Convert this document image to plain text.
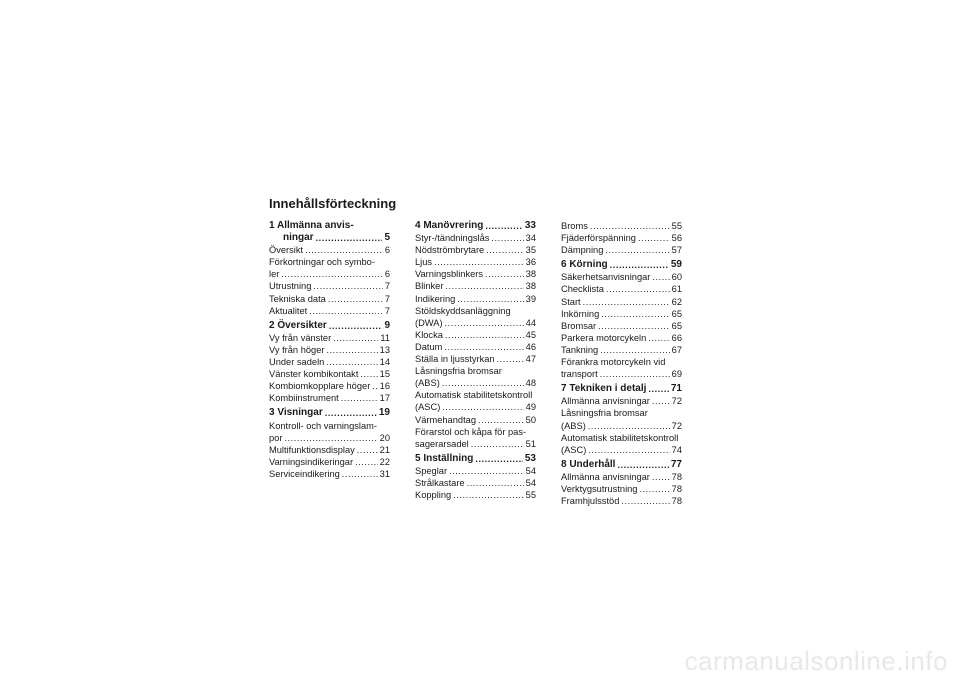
Innehållsförteckning
1 Allmänna anvis-
ningar .....	5
Översikt .....	6
Förkortningar och symbo-
ler .....	6
Utrustning .....	7
Tekniska data .....	7
Aktualitet .....	7
2 Översikter .....	9
Vy från vänster .....	11
Vy från höger .....	13
Under sadeln .....	14
Vänster kombikontakt ..... 15
Kombiomkopplare höger ..... 16
Kombiinstrument .....	17
3 Visningar .....	19
Kontroll- och varningslam-
por .....	20
Multifunktionsdisplay .....	21
Varningsindikeringar .....	22
Serviceindikering .....	31
4 Manövrering .....	33
Styr-/tändningslås .....	34
Nödströmbrytare .....	35
Ljus .....	36
Varningsblinkers .....	38
Blinker .....	38
Indikering .....	39
Stöldskyddsanläggning
(DWA) .....	44
Klocka .....	45
Datum .....	46
Ställa in ljusstyrkan .....	47
Låsningsfria bromsar
(ABS) .....	48
Automatisk stabilitetskontroll
(ASC) .....	49
Värmehandtag .....	50
Förarstol och kåpa för pas-
sagerarsadel .....	51
5 Inställning .....	53
Speglar .....	54
Strålkastare .....	54
Koppling .....	55
Broms .....	55
Fjäderförspänning .....	56
Dämpning .....	57
6 Körning .....	59
Säkerhetsanvisningar ..... 60
Checklista .....	61
Start .....	62
Inkörning .....	65
Bromsar .....	65
Parkera motorcykeln .....	66
Tankning .....	67
Förankra motorcykeln vid
transport .....	69
7 Tekniken i detalj ..... 71
Allmänna anvisningar ..... 72
Låsningsfria bromsar
(ABS) .....	72
Automatisk stabilitetskontroll
(ASC) .....	74
8 Underhåll .....	77
Allmänna anvisningar ..... 78
Verktygsutrustning .....	78
Framhjulsstöd .....	78
carmanualsonline.info
